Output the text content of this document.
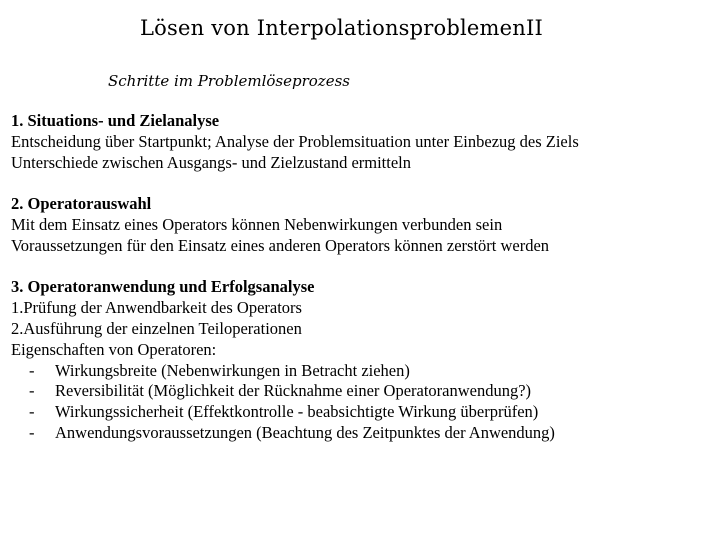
Lösen von InterpolationsproblemenII
Schritte im Problemlöseprozess

1. Situations- und Zielanalyse

Entscheidung über Startpunkt; Analyse der Problemsituation unter Einbezug des Ziels

Unterschiede zwischen Ausgangs- und Zielzustand ermitteln

2. Operatorauswahl

Mit dem Einsatz eines Operators können Nebenwirkungen verbunden sein

Voraussetzungen für den Einsatz eines anderen Operators können zerstört werden

3. Operatoranwendung und Erfolgsanalyse

1.Prüfung der Anwendbarkeit des Operators

2.Ausführung der einzelnen Teiloperationen

Eigenschaften von Operatoren:

-	Wirkungsbreite (Nebenwirkungen in Betracht ziehen)
-	Reversibilität (Möglichkeit der Rücknahme einer Operatoranwendung?)
-	Wirkungssicherheit (Effektkontrolle - beabsichtigte Wirkung überprüfen)
-	Anwendungsvoraussetzungen (Beachtung des Zeitpunktes der Anwendung)
